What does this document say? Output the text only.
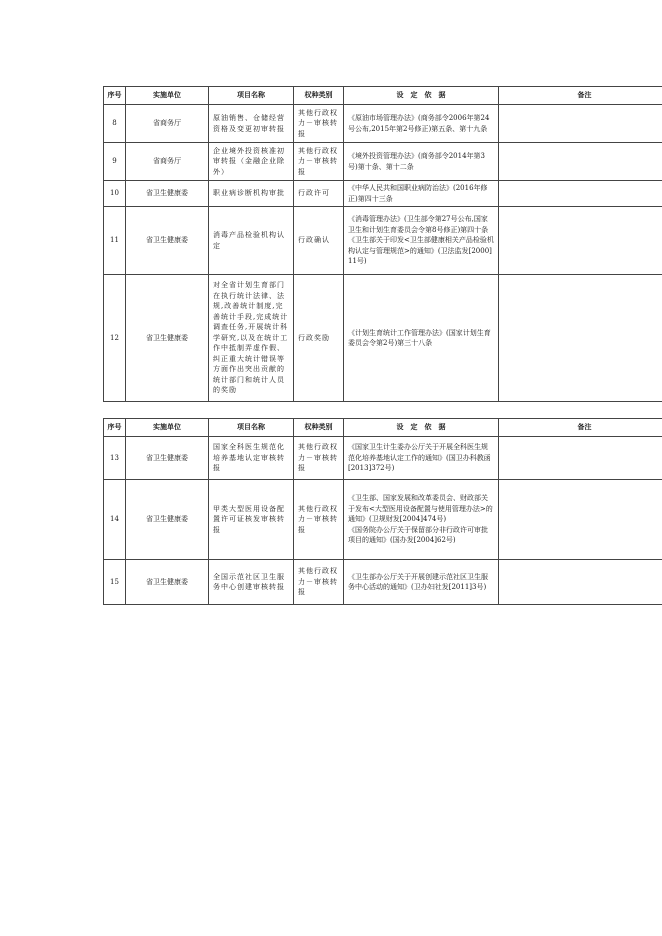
序号	实施单位	项目名称	权种类别	设　定　依　据	备注
8	省商务厅	原油销售、仓储经营资格及变更初审转报	其他行政权力－审核转报	《原油市场管理办法》(商务部令2006年第24号公布,2015年第2号修正)第五条、第十九条	

9	省商务厅	企业境外投资核准初审转报（金融企业除外）	其他行政权力－审核转报	《境外投资管理办法》(商务部令2014年第3号)第十条、第十二条	

10	省卫生健康委	职业病诊断机构审批	行政许可	《中华人民共和国职业病防治法》(2016年修正)第四十三条	

11	省卫生健康委	消毒产品检验机构认定	行政确认	《消毒管理办法》(卫生部令第27号公布,国家卫生和计划生育委员会令第8号修正)第四十条

《卫生部关于印发<卫生部健康相关产品检验机构认定与管理规范>的通知》(卫法监发[2000]11号)	

12	省卫生健康委	对全省计划生育部门在执行统计法律、法规,改善统计制度,完善统计手段,完成统计调查任务,开展统计科学研究,以及在统计工作中抵制弄虚作假、纠正重大统计错误等方面作出突出贡献的统计部门和统计人员的奖励	行政奖励	《计划生育统计工作管理办法》(国家计划生育委员会令第2号)第三十八条	

序号	实施单位	项目名称	权种类别	设　定　依　据	备注
13	省卫生健康委	国家全科医生规范化培养基地认定审核转报	其他行政权力－审核转报	《国家卫生计生委办公厅关于开展全科医生规范化培养基地认定工作的通知》(国卫办科教函[2013]372号)	

14	省卫生健康委	甲类大型医用设备配置许可证核发审核转报	其他行政权力－审核转报	《卫生部、国家发展和改革委员会、财政部关于发布<大型医用设备配置与使用管理办法>的通知》(卫规财发[2004]474号)

《国务院办公厅关于保留部分非行政许可审批项目的通知》(国办发[2004]62号)	

15	省卫生健康委	全国示范社区卫生服务中心创建审核转报	其他行政权力－审核转报	《卫生部办公厅关于开展创建示范社区卫生服务中心活动的通知》(卫办妇社发[2011]3号)	
